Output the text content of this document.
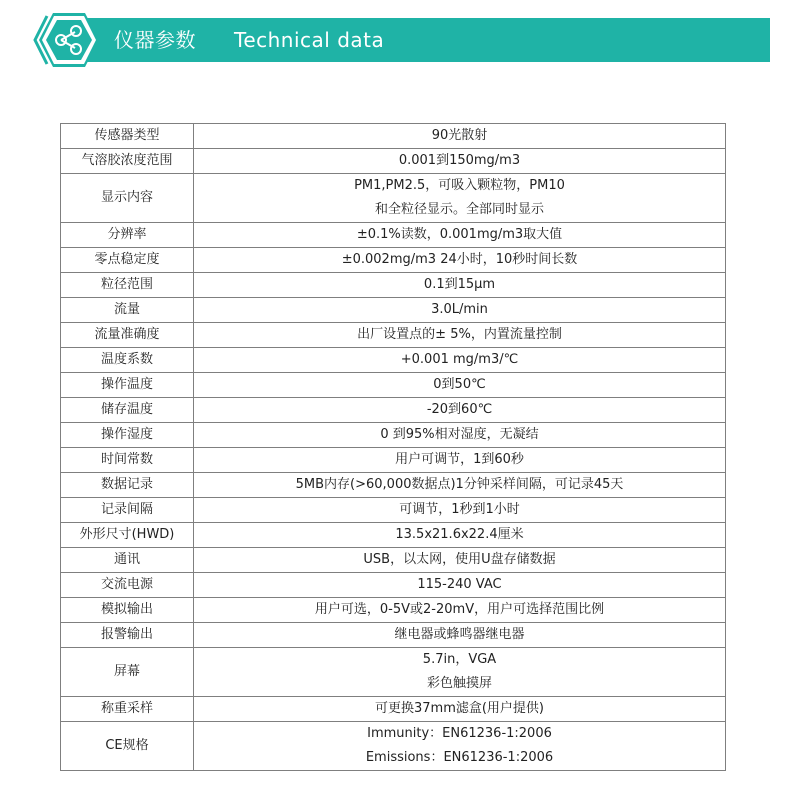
仪器参数 Technical data
传感器类型	90光散射

气溶胶浓度范围	0.001到150mg/m3

显示内容	PM1,PM2.5，可吸入颗粒物，PM10
和全粒径显示。全部同时显示

分辨率	±0.1%读数，0.001mg/m3取大值

零点稳定度	±0.002mg/m3 24小时，10秒时间长数

粒径范围	0.1到15μm

流量	3.0L/min

流量准确度	出厂设置点的± 5%，内置流量控制

温度系数	+0.001 mg/m3/℃

操作温度	0到50℃

储存温度	-20到60℃

操作湿度	0 到95%相对湿度，无凝结

时间常数	用户可调节，1到60秒

数据记录	5MB内存(>60,000数据点)1分钟采样间隔，可记录45天

记录间隔	可调节，1秒到1小时

外形尺寸(HWD)	13.5x21.6x22.4厘米

通讯	USB，以太网，使用U盘存储数据

交流电源	115-240 VAC

模拟输出	用户可选，0-5V或2-20mV，用户可选择范围比例

报警输出	继电器或蜂鸣器继电器

屏幕	5.7in，VGA
彩色触摸屏

称重采样	可更换37mm滤盒(用户提供)

CE规格	Immunity：EN61236-1:2006
Emissions：EN61236-1:2006
